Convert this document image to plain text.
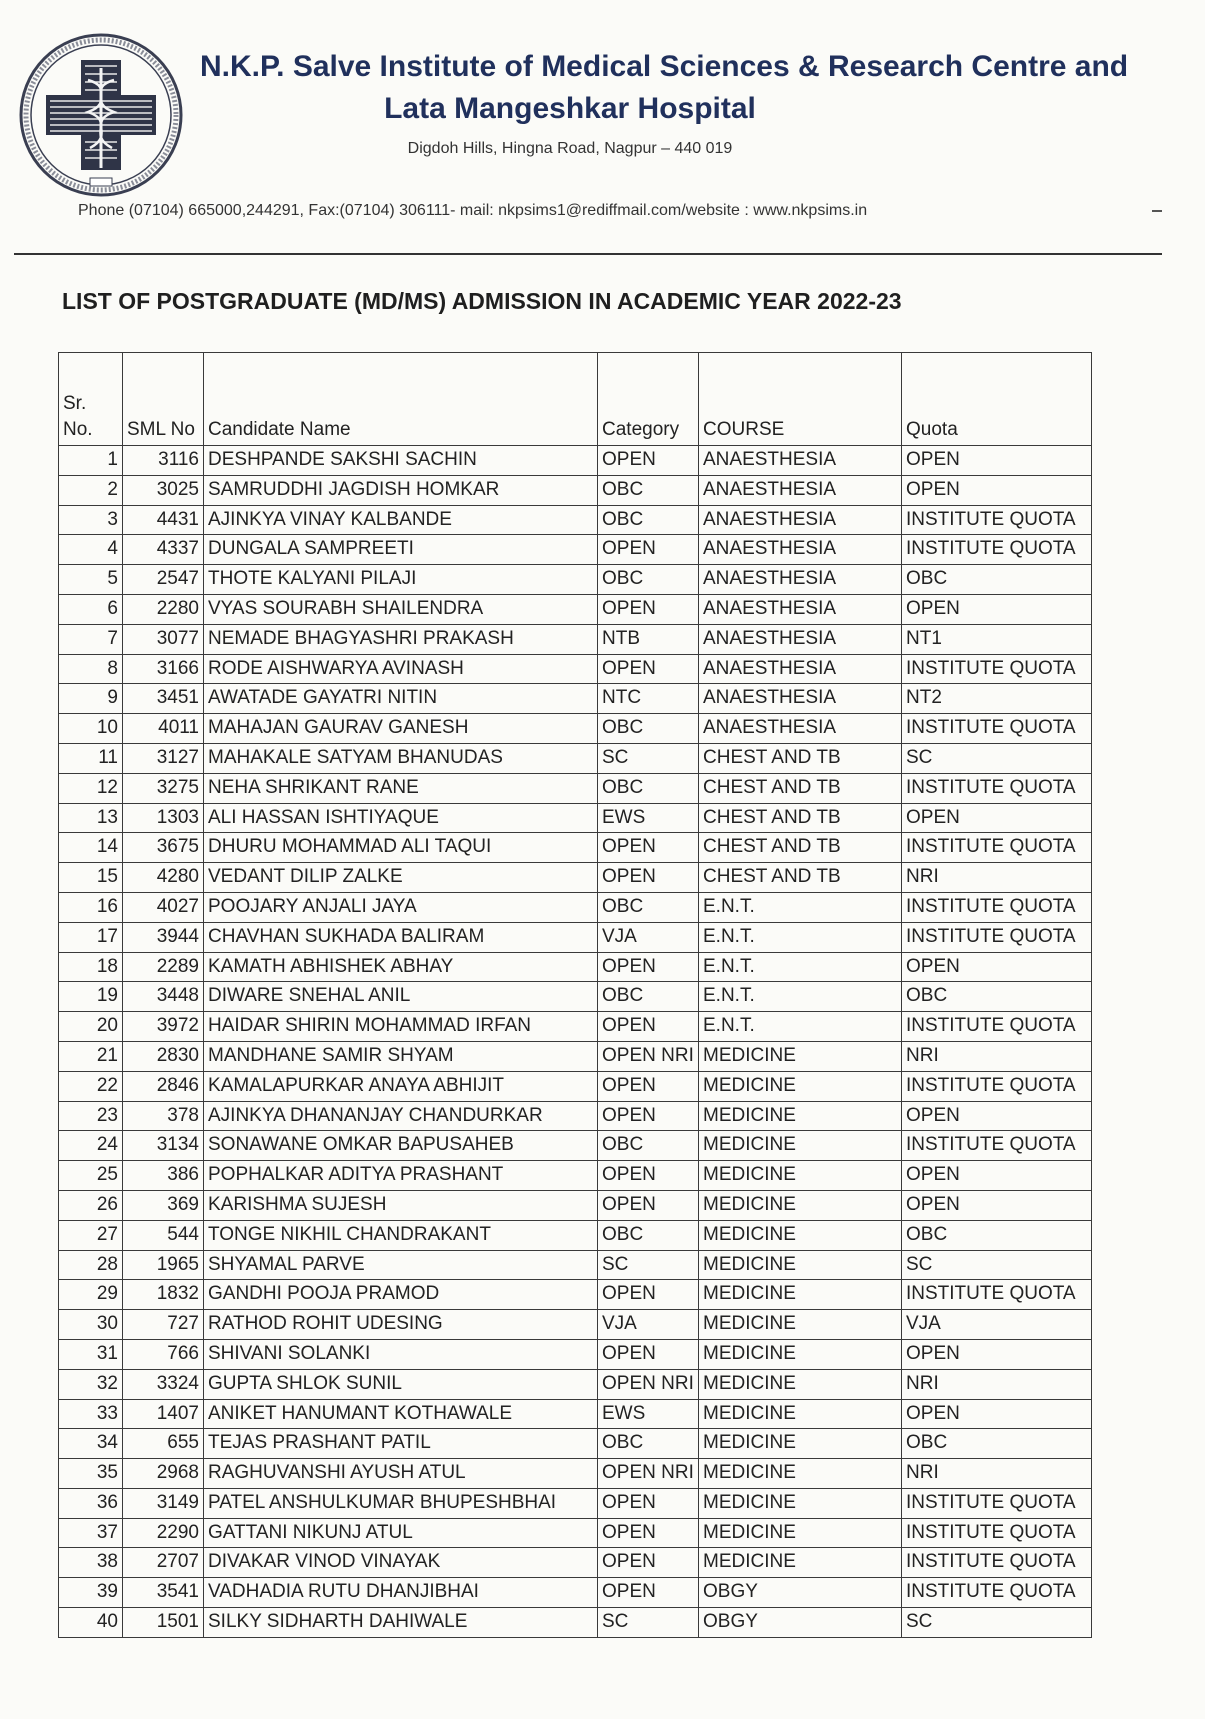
N.K.P. Salve Institute of Medical Sciences & Research Centre and
Lata Mangeshkar Hospital
Digdoh Hills, Hingna Road, Nagpur – 440 019
Phone (07104) 665000,244291, Fax:(07104) 306111- mail: nkpsims1@rediffmail.com/website : www.nkpsims.in
LIST OF POSTGRADUATE (MD/MS) ADMISSION IN ACADEMIC YEAR 2022-23
Sr.
No.	SML No	Candidate Name	Category	COURSE	Quota
1	3116	DESHPANDE SAKSHI SACHIN	OPEN	ANAESTHESIA	OPEN
2	3025	SAMRUDDHI JAGDISH HOMKAR	OBC	ANAESTHESIA	OPEN
3	4431	AJINKYA VINAY KALBANDE	OBC	ANAESTHESIA	INSTITUTE QUOTA
4	4337	DUNGALA SAMPREETI	OPEN	ANAESTHESIA	INSTITUTE QUOTA
5	2547	THOTE KALYANI PILAJI	OBC	ANAESTHESIA	OBC
6	2280	VYAS SOURABH SHAILENDRA	OPEN	ANAESTHESIA	OPEN
7	3077	NEMADE BHAGYASHRI PRAKASH	NTB	ANAESTHESIA	NT1
8	3166	RODE AISHWARYA AVINASH	OPEN	ANAESTHESIA	INSTITUTE QUOTA
9	3451	AWATADE GAYATRI NITIN	NTC	ANAESTHESIA	NT2
10	4011	MAHAJAN GAURAV GANESH	OBC	ANAESTHESIA	INSTITUTE QUOTA
11	3127	MAHAKALE SATYAM BHANUDAS	SC	CHEST AND TB	SC
12	3275	NEHA SHRIKANT RANE	OBC	CHEST AND TB	INSTITUTE QUOTA
13	1303	ALI HASSAN ISHTIYAQUE	EWS	CHEST AND TB	OPEN
14	3675	DHURU MOHAMMAD ALI TAQUI	OPEN	CHEST AND TB	INSTITUTE QUOTA
15	4280	VEDANT DILIP ZALKE	OPEN	CHEST AND TB	NRI
16	4027	POOJARY ANJALI JAYA	OBC	E.N.T.	INSTITUTE QUOTA
17	3944	CHAVHAN SUKHADA BALIRAM	VJA	E.N.T.	INSTITUTE QUOTA
18	2289	KAMATH ABHISHEK ABHAY	OPEN	E.N.T.	OPEN
19	3448	DIWARE SNEHAL ANIL	OBC	E.N.T.	OBC
20	3972	HAIDAR SHIRIN MOHAMMAD IRFAN	OPEN	E.N.T.	INSTITUTE QUOTA
21	2830	MANDHANE SAMIR SHYAM	OPEN NRI	MEDICINE	NRI
22	2846	KAMALAPURKAR ANAYA ABHIJIT	OPEN	MEDICINE	INSTITUTE QUOTA
23	378	AJINKYA DHANANJAY CHANDURKAR	OPEN	MEDICINE	OPEN
24	3134	SONAWANE OMKAR BAPUSAHEB	OBC	MEDICINE	INSTITUTE QUOTA
25	386	POPHALKAR ADITYA PRASHANT	OPEN	MEDICINE	OPEN
26	369	KARISHMA SUJESH	OPEN	MEDICINE	OPEN
27	544	TONGE NIKHIL CHANDRAKANT	OBC	MEDICINE	OBC
28	1965	SHYAMAL PARVE	SC	MEDICINE	SC
29	1832	GANDHI POOJA PRAMOD	OPEN	MEDICINE	INSTITUTE QUOTA
30	727	RATHOD ROHIT UDESING	VJA	MEDICINE	VJA
31	766	SHIVANI SOLANKI	OPEN	MEDICINE	OPEN
32	3324	GUPTA SHLOK SUNIL	OPEN NRI	MEDICINE	NRI
33	1407	ANIKET HANUMANT KOTHAWALE	EWS	MEDICINE	OPEN
34	655	TEJAS PRASHANT PATIL	OBC	MEDICINE	OBC
35	2968	RAGHUVANSHI AYUSH ATUL	OPEN NRI	MEDICINE	NRI
36	3149	PATEL ANSHULKUMAR BHUPESHBHAI	OPEN	MEDICINE	INSTITUTE QUOTA
37	2290	GATTANI NIKUNJ ATUL	OPEN	MEDICINE	INSTITUTE QUOTA
38	2707	DIVAKAR VINOD VINAYAK	OPEN	MEDICINE	INSTITUTE QUOTA
39	3541	VADHADIA RUTU DHANJIBHAI	OPEN	OBGY	INSTITUTE QUOTA
40	1501	SILKY SIDHARTH DAHIWALE	SC	OBGY	SC
